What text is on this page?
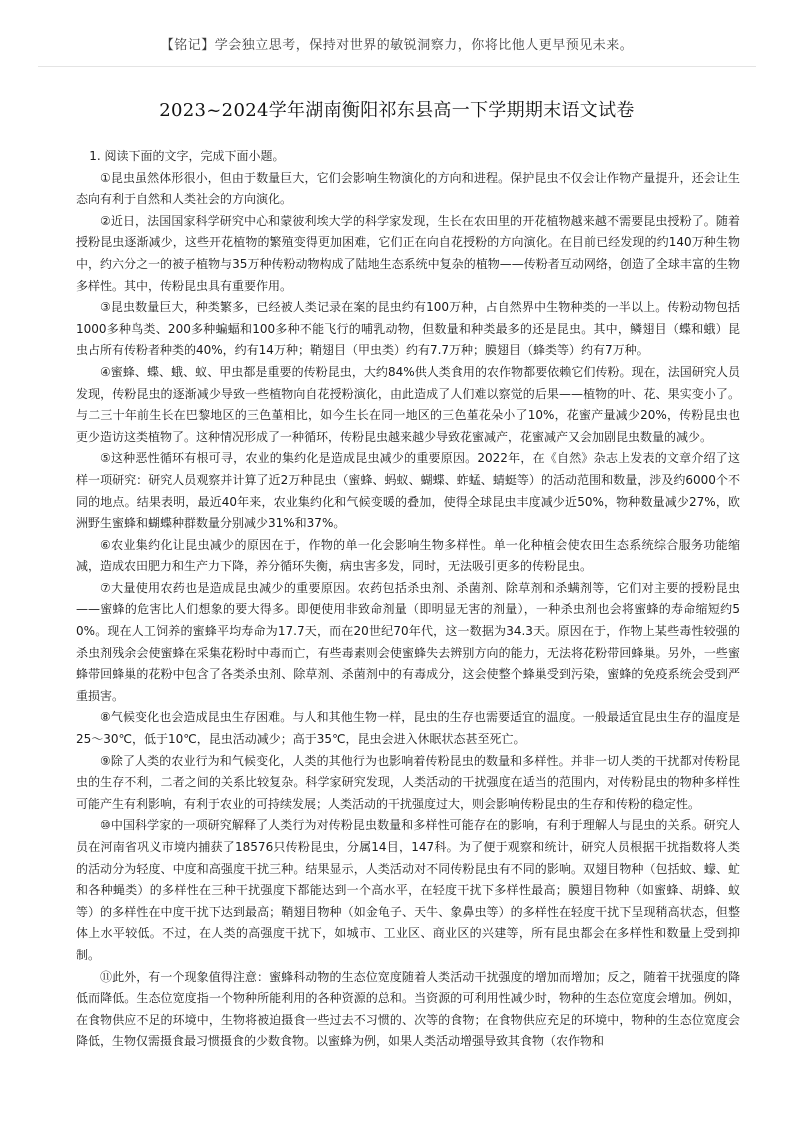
【铭记】学会独立思考，保持对世界的敏锐洞察力，你将比他人更早预见未来。
2023~2024学年湖南衡阳祁东县高一下学期期末语文试卷

1. 阅读下面的文字，完成下面小题。

①昆虫虽然体形很小，但由于数量巨大，它们会影响生物演化的方向和进程。保护昆虫不仅会让作物产量提升，还会让生态向有利于自然和人类社会的方向演化。

②近日，法国国家科学研究中心和蒙彼利埃大学的科学家发现，生长在农田里的开花植物越来越不需要昆虫授粉了。随着授粉昆虫逐渐减少，这些开花植物的繁殖变得更加困难，它们正在向自花授粉的方向演化。在目前已经发现的约140万种生物中，约六分之一的被子植物与35万种传粉动物构成了陆地生态系统中复杂的植物——传粉者互动网络，创造了全球丰富的生物多样性。其中，传粉昆虫具有重要作用。

③昆虫数量巨大，种类繁多，已经被人类记录在案的昆虫约有100万种，占自然界中生物种类的一半以上。传粉动物包括1000多种鸟类、200多种蝙蝠和100多种不能飞行的哺乳动物，但数量和种类最多的还是昆虫。其中，鳞翅目（蝶和蛾）昆虫占所有传粉者种类的40%，约有14万种；鞘翅目（甲虫类）约有7.7万种；膜翅目（蜂类等）约有7万种。

④蜜蜂、蝶、蛾、蚁、甲虫都是重要的传粉昆虫，大约84%供人类食用的农作物都要依赖它们传粉。现在，法国研究人员发现，传粉昆虫的逐渐减少导致一些植物向自花授粉演化，由此造成了人们难以察觉的后果——植物的叶、花、果实变小了。与二三十年前生长在巴黎地区的三色堇相比，如今生长在同一地区的三色堇花朵小了10%，花蜜产量减少20%，传粉昆虫也更少造访这类植物了。这种情况形成了一种循环，传粉昆虫越来越少导致花蜜减产，花蜜减产又会加剧昆虫数量的减少。

⑤这种恶性循环有根可寻，农业的集约化是造成昆虫减少的重要原因。2022年，在《自然》杂志上发表的文章介绍了这样一项研究：研究人员观察并计算了近2万种昆虫（蜜蜂、蚂蚁、蝴蝶、蚱蜢、蜻蜓等）的活动范围和数量，涉及约6000个不同的地点。结果表明，最近40年来，农业集约化和气候变暖的叠加，使得全球昆虫丰度减少近50%，物种数量减少27%，欧洲野生蜜蜂和蝴蝶种群数量分别减少31%和37%。

⑥农业集约化让昆虫减少的原因在于，作物的单一化会影响生物多样性。单一化种植会使农田生态系统综合服务功能缩减，造成农田肥力和生产力下降，养分循环失衡，病虫害多发，同时，无法吸引更多的传粉昆虫。

⑦大量使用农药也是造成昆虫减少的重要原因。农药包括杀虫剂、杀菌剂、除草剂和杀螨剂等，它们对主要的授粉昆虫——蜜蜂的危害比人们想象的要大得多。即便使用非致命剂量（即明显无害的剂量），一种杀虫剂也会将蜜蜂的寿命缩短约50%。现在人工饲养的蜜蜂平均寿命为17.7天，而在20世纪70年代，这一数据为34.3天。原因在于，作物上某些毒性较强的杀虫剂残余会使蜜蜂在采集花粉时中毒而亡，有些毒素则会使蜜蜂失去辨别方向的能力，无法将花粉带回蜂巢。另外，一些蜜蜂带回蜂巢的花粉中包含了各类杀虫剂、除草剂、杀菌剂中的有毒成分，这会使整个蜂巢受到污染，蜜蜂的免疫系统会受到严重损害。

⑧气候变化也会造成昆虫生存困难。与人和其他生物一样，昆虫的生存也需要适宜的温度。一般最适宜昆虫生存的温度是25～30℃，低于10℃，昆虫活动减少；高于35℃，昆虫会进入休眠状态甚至死亡。

⑨除了人类的农业行为和气候变化，人类的其他行为也影响着传粉昆虫的数量和多样性。并非一切人类的干扰都对传粉昆虫的生存不利，二者之间的关系比较复杂。科学家研究发现，人类活动的干扰强度在适当的范围内，对传粉昆虫的物种多样性可能产生有利影响，有利于农业的可持续发展；人类活动的干扰强度过大，则会影响传粉昆虫的生存和传粉的稳定性。

⑩中国科学家的一项研究解释了人类行为对传粉昆虫数量和多样性可能存在的影响，有利于理解人与昆虫的关系。研究人员在河南省巩义市境内捕获了18576只传粉昆虫，分属14目，147科。为了便于观察和统计，研究人员根据干扰指数将人类的活动分为轻度、中度和高强度干扰三种。结果显示，人类活动对不同传粉昆虫有不同的影响。双翅目物种（包括蚊、蠓、虻和各种蝇类）的多样性在三种干扰强度下都能达到一个高水平，在轻度干扰下多样性最高；膜翅目物种（如蜜蜂、胡蜂、蚁等）的多样性在中度干扰下达到最高；鞘翅目物种（如金龟子、天牛、象鼻虫等）的多样性在轻度干扰下呈现稍高状态，但整体上水平较低。不过，在人类的高强度干扰下，如城市、工业区、商业区的兴建等，所有昆虫都会在多样性和数量上受到抑制。

⑪此外，有一个现象值得注意：蜜蜂科动物的生态位宽度随着人类活动干扰强度的增加而增加；反之，随着干扰强度的降低而降低。生态位宽度指一个物种所能利用的各种资源的总和。当资源的可利用性减少时，物种的生态位宽度会增加。例如，在食物供应不足的环境中，生物将被迫摄食一些过去不习惯的、次等的食物；在食物供应充足的环境中，物种的生态位宽度会降低，生物仅需摄食最习惯摄食的少数食物。以蜜蜂为例，如果人类活动增强导致其食物（农作物和
